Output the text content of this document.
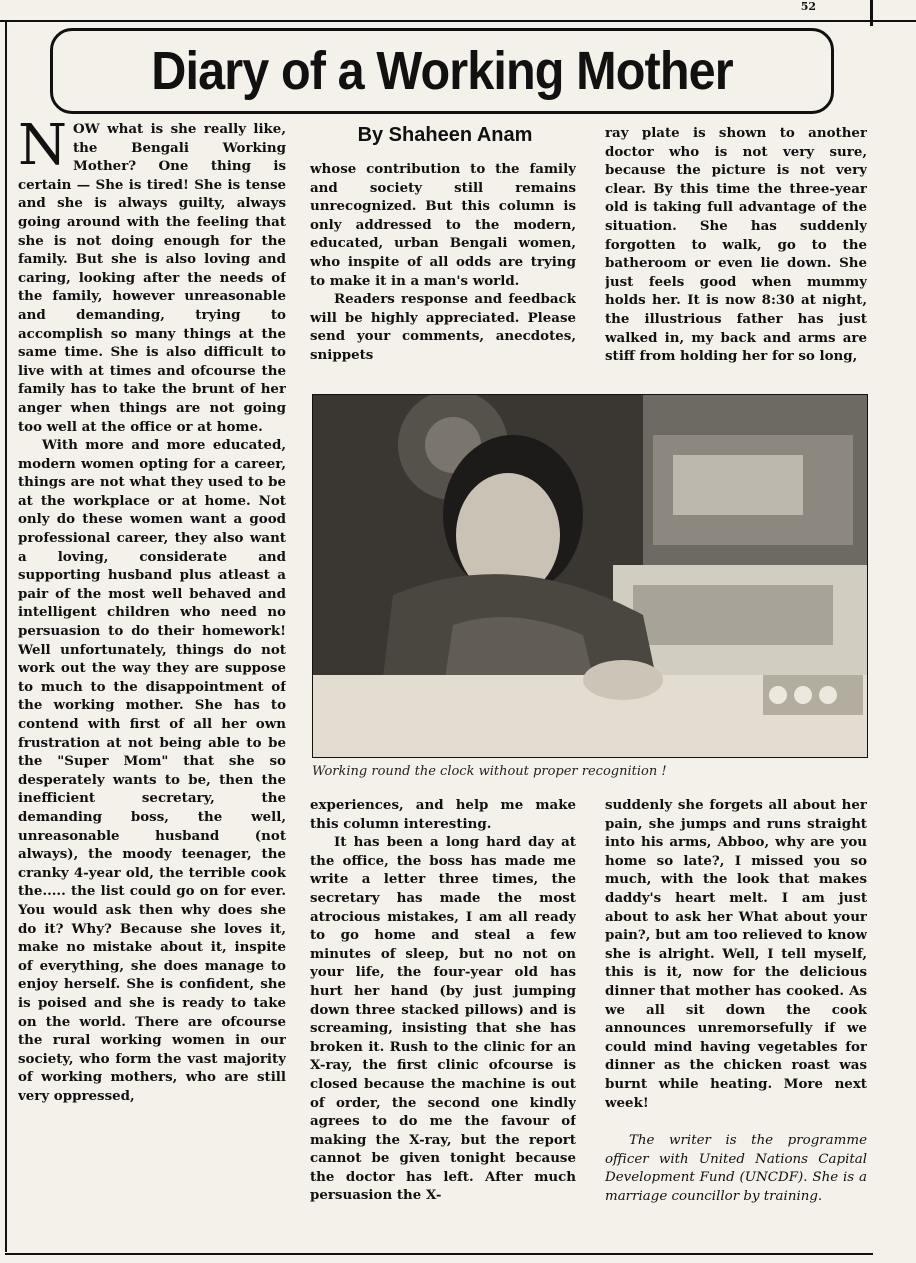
52
Diary of a Working Mother

NOW what is she really like, the Bengali Working Mother? One thing is certain — She is tired! She is tense and she is always guilty, always going around with the feeling that she is not doing enough for the family. But she is also loving and caring, looking after the needs of the family, however unreasonable and demanding, trying to accomplish so many things at the same time. She is also difficult to live with at times and ofcourse the family has to take the brunt of her anger when things are not going too well at the office or at home.

With more and more educated, modern women opting for a career, things are not what they used to be at the workplace or at home. Not only do these women want a good professional career, they also want a loving, considerate and supporting husband plus atleast a pair of the most well behaved and intelligent children who need no persuasion to do their homework! Well unfortunately, things do not work out the way they are suppose to much to the disappointment of the working mother. She has to contend with first of all her own frustration at not being able to be the "Super Mom" that she so desperately wants to be, then the inefficient secretary, the demanding boss, the well, unreasonable husband (not always), the moody teenager, the cranky 4-year old, the terrible cook the..... the list could go on for ever. You would ask then why does she do it? Why? Because she loves it, make no mistake about it, inspite of everything, she does manage to enjoy herself. She is confident, she is poised and she is ready to take on the world. There are ofcourse the rural working women in our society, who form the vast majority of working mothers, who are still very oppressed,

By Shaheen Anam

whose contribution to the family and society still remains unrecognized. But this column is only addressed to the modern, educated, urban Bengali women, who inspite of all odds are trying to make it in a man's world.

Readers response and feedback will be highly appreciated. Please send your comments, anecdotes, snippets

ray plate is shown to another doctor who is not very sure, because the picture is not very clear. By this time the three-year old is taking full advantage of the situation. She has suddenly forgotten to walk, go to the batheroom or even lie down. She just feels good when mummy holds her. It is now 8:30 at night, the illustrious father has just walked in, my back and arms are stiff from holding her for so long,

Working round the clock without proper recognition !

experiences, and help me make this column interesting.

It has been a long hard day at the office, the boss has made me write a letter three times, the secretary has made the most atrocious mistakes, I am all ready to go home and steal a few minutes of sleep, but no not on your life, the four-year old has hurt her hand (by just jumping down three stacked pillows) and is screaming, insisting that she has broken it. Rush to the clinic for an X-ray, the first clinic ofcourse is closed because the machine is out of order, the second one kindly agrees to do me the favour of making the X-ray, but the report cannot be given tonight because the doctor has left. After much persuasion the X-

suddenly she forgets all about her pain, she jumps and runs straight into his arms, Abboo, why are you home so late?, I missed you so much, with the look that makes daddy's heart melt. I am just about to ask her What about your pain?, but am too relieved to know she is alright. Well, I tell myself, this is it, now for the delicious dinner that mother has cooked. As we all sit down the cook announces unremorsefully if we could mind having vegetables for dinner as the chicken roast was burnt while heating. More next week!

The writer is the programme officer with United Nations Capital Development Fund (UNCDF). She is a marriage councillor by training.
